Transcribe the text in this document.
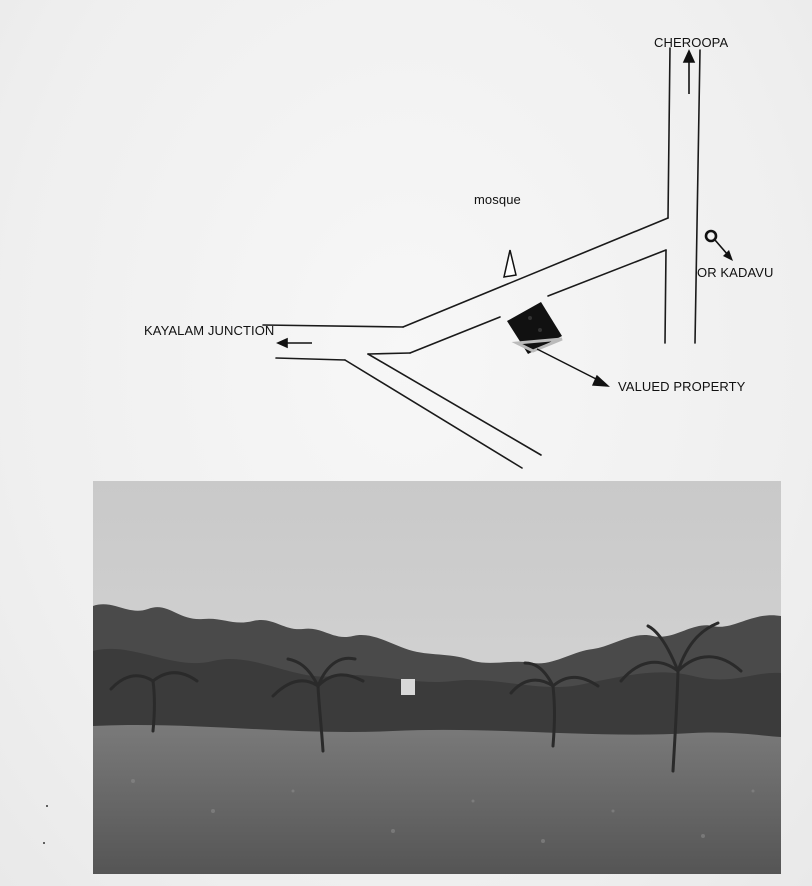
CHEROOPA
mosque
OR KADAVU
KAYALAM JUNCTION
VALUED PROPERTY
